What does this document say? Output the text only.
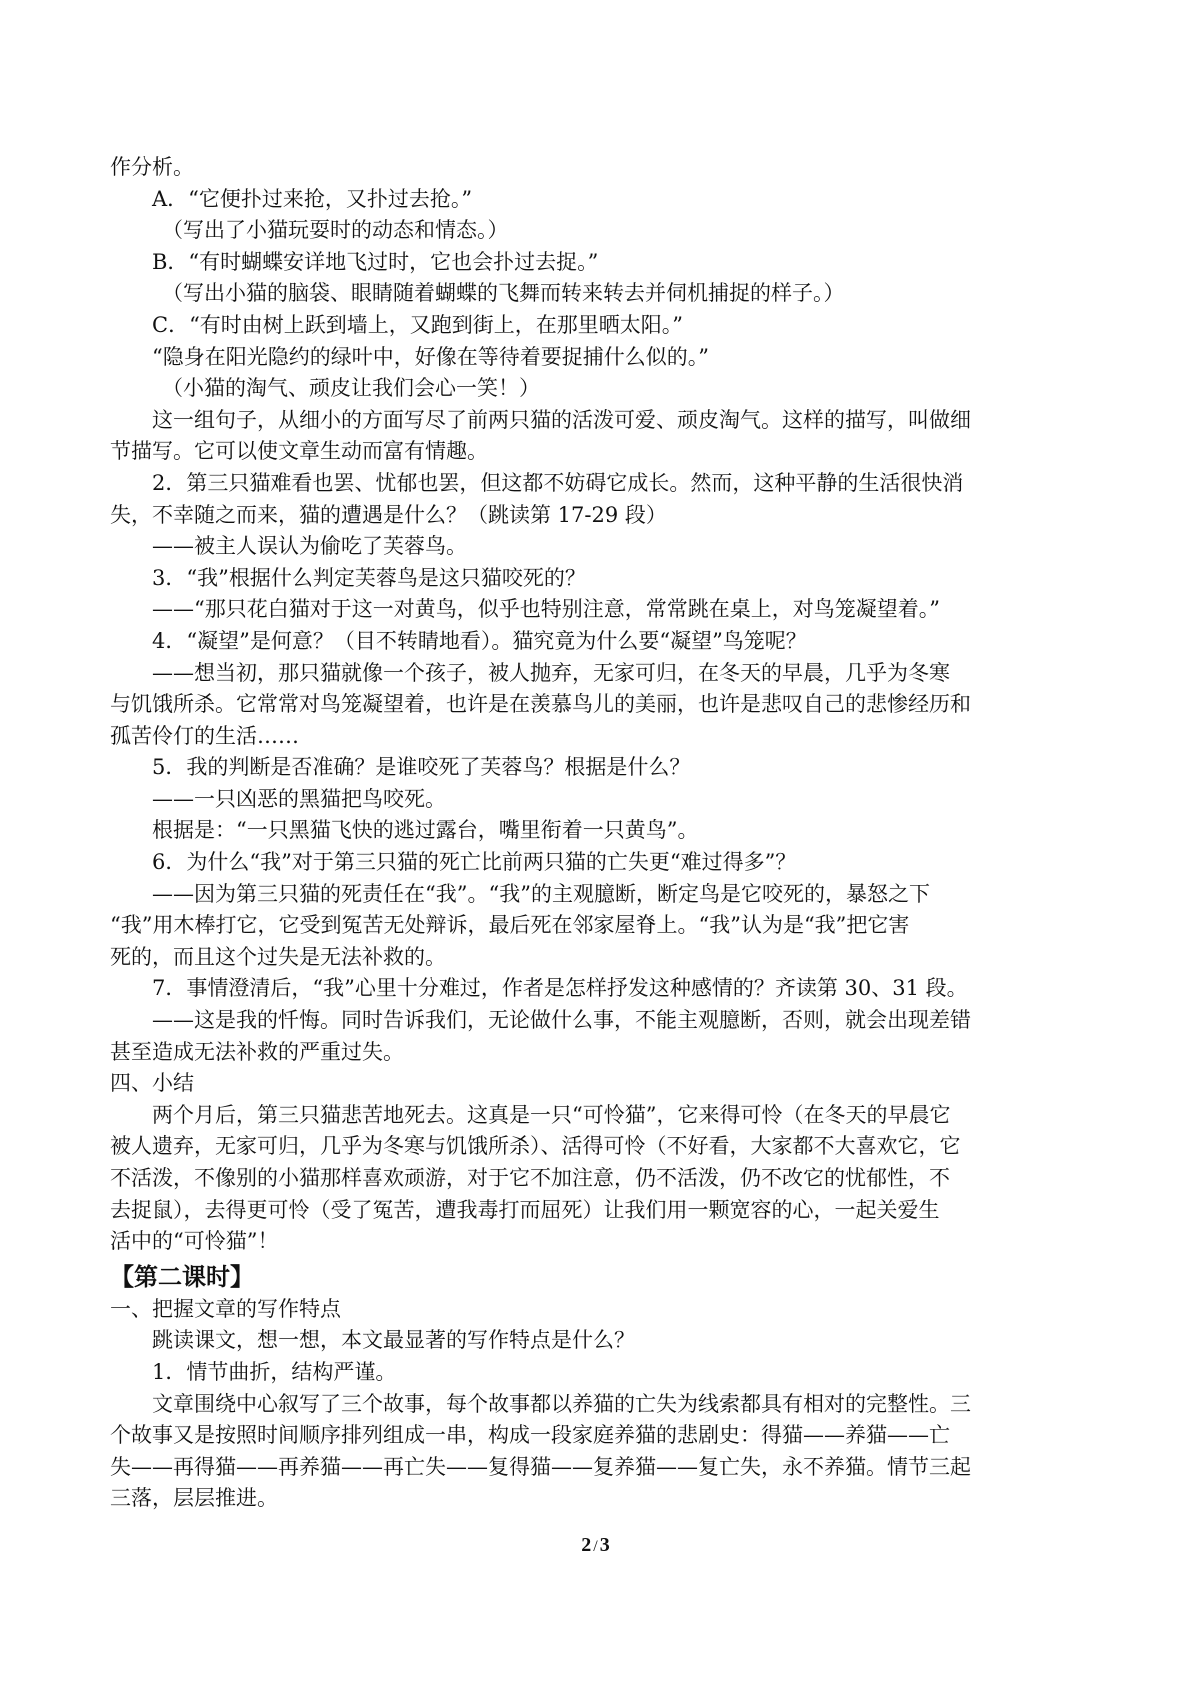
作分析。
A．“它便扑过来抢，又扑过去抢。”
（写出了小猫玩耍时的动态和情态。）
B．“有时蝴蝶安详地飞过时，它也会扑过去捉。”
（写出小猫的脑袋、眼睛随着蝴蝶的飞舞而转来转去并伺机捕捉的样子。）
C．“有时由树上跃到墙上，又跑到街上，在那里晒太阳。”
“隐身在阳光隐约的绿叶中，好像在等待着要捉捕什么似的。”
（小猫的淘气、顽皮让我们会心一笑！）
这一组句子，从细小的方面写尽了前两只猫的活泼可爱、顽皮淘气。这样的描写，叫做细
节描写。它可以使文章生动而富有情趣。
2．第三只猫难看也罢、忧郁也罢，但这都不妨碍它成长。然而，这种平静的生活很快消
失，不幸随之而来，猫的遭遇是什么？（跳读第 17-29 段）
——被主人误认为偷吃了芙蓉鸟。
3．“我”根据什么判定芙蓉鸟是这只猫咬死的？
——“那只花白猫对于这一对黄鸟，似乎也特别注意，常常跳在桌上，对鸟笼凝望着。”
4．“凝望”是何意？（目不转睛地看）。猫究竟为什么要“凝望”鸟笼呢？
——想当初，那只猫就像一个孩子，被人抛弃，无家可归，在冬天的早晨，几乎为冬寒
与饥饿所杀。它常常对鸟笼凝望着，也许是在羡慕鸟儿的美丽，也许是悲叹自己的悲惨经历和
孤苦伶仃的生活……
5．我的判断是否准确？是谁咬死了芙蓉鸟？根据是什么？
——一只凶恶的黑猫把鸟咬死。
根据是：“一只黑猫飞快的逃过露台，嘴里衔着一只黄鸟”。
6．为什么“我”对于第三只猫的死亡比前两只猫的亡失更“难过得多”？
——因为第三只猫的死责任在“我”。“我”的主观臆断，断定鸟是它咬死的，暴怒之下
“我”用木棒打它，它受到冤苦无处辩诉，最后死在邻家屋脊上。“我”认为是“我”把它害
死的，而且这个过失是无法补救的。
7．事情澄清后，“我”心里十分难过，作者是怎样抒发这种感情的？齐读第 30、31 段。
——这是我的忏悔。同时告诉我们，无论做什么事，不能主观臆断，否则，就会出现差错
甚至造成无法补救的严重过失。
四、小结
两个月后，第三只猫悲苦地死去。这真是一只“可怜猫”，它来得可怜（在冬天的早晨它
被人遗弃，无家可归，几乎为冬寒与饥饿所杀）、活得可怜（不好看，大家都不大喜欢它，它
不活泼，不像别的小猫那样喜欢顽游，对于它不加注意，仍不活泼，仍不改它的忧郁性，不
去捉鼠），去得更可怜（受了冤苦，遭我毒打而屈死）让我们用一颗宽容的心，一起关爱生
活中的“可怜猫”！
【第二课时】
一、把握文章的写作特点
跳读课文，想一想，本文最显著的写作特点是什么？
1．情节曲折，结构严谨。
文章围绕中心叙写了三个故事，每个故事都以养猫的亡失为线索都具有相对的完整性。三
个故事又是按照时间顺序排列组成一串，构成一段家庭养猫的悲剧史：得猫——养猫——亡
失——再得猫——再养猫——再亡失——复得猫——复养猫——复亡失，永不养猫。情节三起
三落，层层推进。
2 / 3
